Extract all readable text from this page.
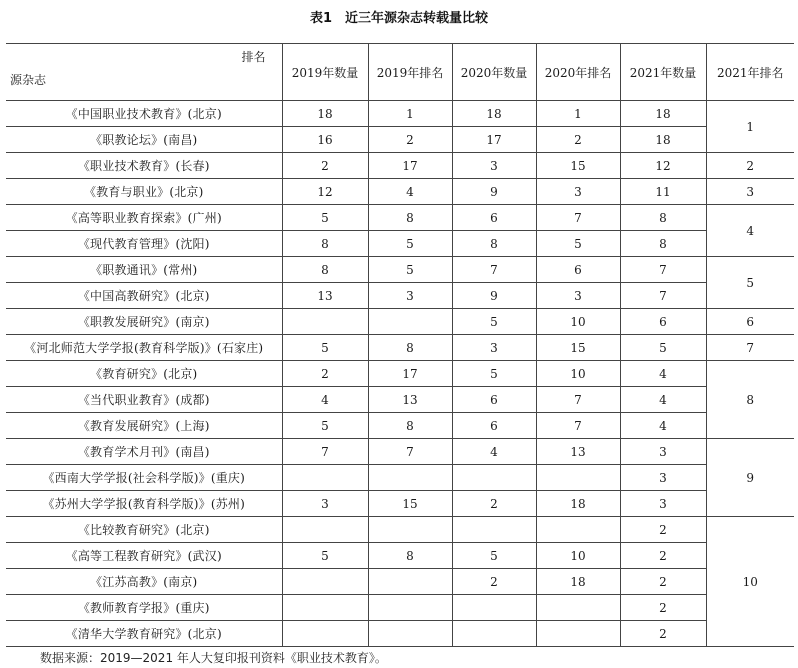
表1　近三年源杂志转载量比较
排名
源杂志	2019年数量	2019年排名	2020年数量	2020年排名	2021年数量	2021年排名
《中国职业技术教育》(北京)	18	1	18	1	18	1
《职教论坛》(南昌)	16	2	17	2	18	
《职业技术教育》(长春)	2	17	3	15	12	2
《教育与职业》(北京)	12	4	9	3	11	3
《高等职业教育探索》(广州)	5	8	6	7	8	4
《现代教育管理》(沈阳)	8	5	8	5	8	
《职教通讯》(常州)	8	5	7	6	7	5
《中国高教研究》(北京)	13	3	9	3	7	
《职教发展研究》(南京)			5	10	6	6
《河北师范大学学报(教育科学版)》(石家庄)	5	8	3	15	5	7
《教育研究》(北京)	2	17	5	10	4	8
《当代职业教育》(成都)	4	13	6	7	4	
《教育发展研究》(上海)	5	8	6	7	4	
《教育学术月刊》(南昌)	7	7	4	13	3	9
《西南大学学报(社会科学版)》(重庆)					3	
《苏州大学学报(教育科学版)》(苏州)	3	15	2	18	3	
《比较教育研究》(北京)					2	10
《高等工程教育研究》(武汉)	5	8	5	10	2	
《江苏高教》(南京)			2	18	2	
《教师教育学报》(重庆)					2	
《清华大学教育研究》(北京)					2	
数据来源：2019—2021 年人大复印报刊资料《职业技术教育》。
